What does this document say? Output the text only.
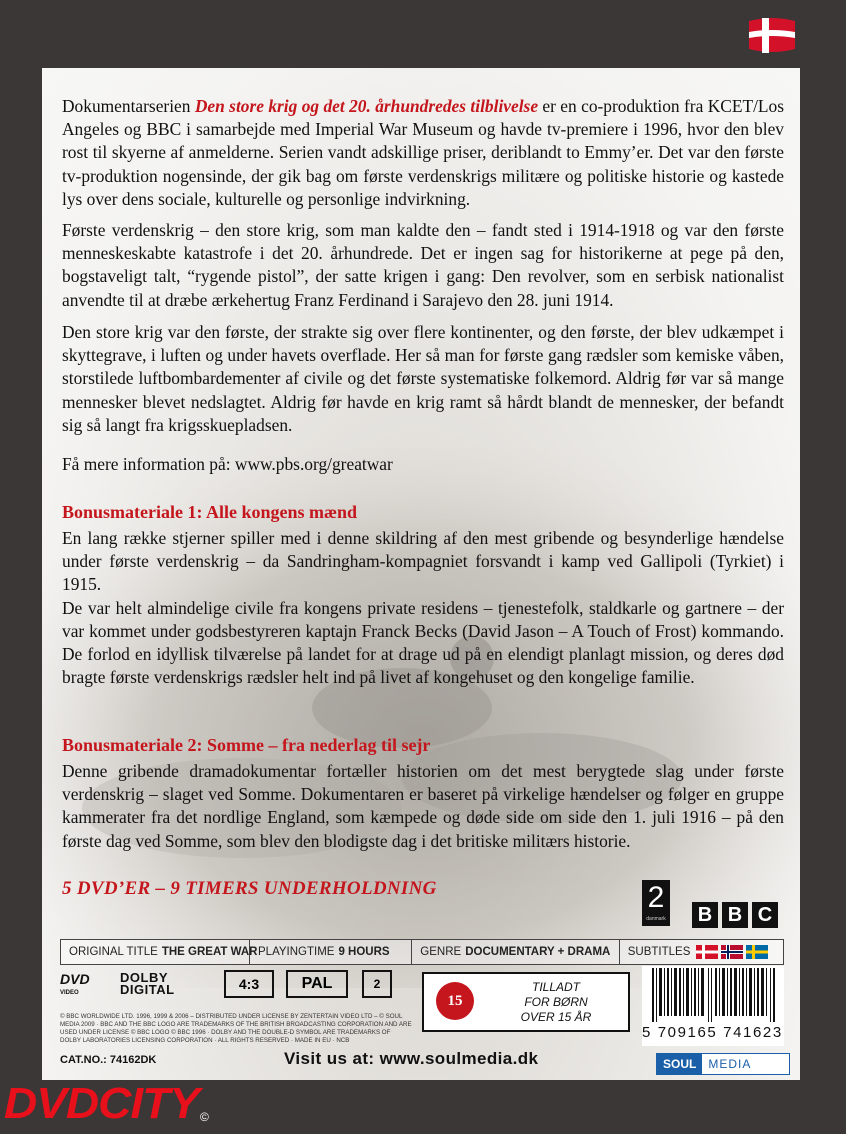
Dokumentarserien Den store krig og det 20. århundredes tilblivelse er en co-produktion fra KCET/Los Angeles og BBC i samarbejde med Imperial War Museum og havde tv-premiere i 1996, hvor den blev rost til skyerne af anmelderne. Serien vandt adskillige priser, deriblandt to Emmy’er. Det var den første tv-produktion nogensinde, der gik bag om første verdenskrigs militære og politiske historie og kastede lys over dens sociale, kulturelle og personlige indvirkning.
Første verdenskrig – den store krig, som man kaldte den – fandt sted i 1914-1918 og var den første menneskeskabte katastrofe i det 20. århundrede. Det er ingen sag for historikerne at pege på den, bogstaveligt talt, “rygende pistol”, der satte krigen i gang: Den revolver, som en serbisk nationalist anvendte til at dræbe ærkehertug Franz Ferdinand i Sarajevo den 28. juni 1914.
Den store krig var den første, der strakte sig over flere kontinenter, og den første, der blev udkæmpet i skyttegrave, i luften og under havets overflade. Her så man for første gang rædsler som kemiske våben, storstilede luftbombardementer af civile og det første systematiske folkemord. Aldrig før var så mange mennesker blevet nedslagtet. Aldrig før havde en krig ramt så hårdt blandt de mennesker, der befandt sig så langt fra krigsskuepladsen.
Få mere information på: www.pbs.org/greatwar
Bonusmateriale 1: Alle kongens mænd
En lang række stjerner spiller med i denne skildring af den mest gribende og besynderlige hændelse under første verdenskrig – da Sandringham-kompagniet forsvandt i kamp ved Gallipoli (Tyrkiet) i 1915.
De var helt almindelige civile fra kongens private residens – tjenestefolk, staldkarle og gartnere – der var kommet under godsbestyreren kaptajn Franck Becks (David Jason – A Touch of Frost) kommando. De forlod en idyllisk tilværelse på landet for at drage ud på en elendigt planlagt mission, og deres død bragte første verdenskrigs rædsler helt ind på livet af kongehuset og den kongelige familie.
Bonusmateriale 2: Somme – fra nederlag til sejr
Denne gribende dramadokumentar fortæller historien om det mest berygtede slag under første verdenskrig – slaget ved Somme. Dokumentaren er baseret på virkelige hændelser og følger en gruppe kammerater fra det nordlige England, som kæmpede og døde side om side den 1. juli 1916 – på den første dag ved Somme, som blev den blodigste dag i det britiske militærs historie.
5 DVD’ER – 9 TIMERS UNDERHOLDNING	2
danmark B B C
ORIGINAL TITLE THE GREAT WAR PLAYINGTIME 9 HOURS	GENRE DOCUMENTARY + DRAMA SUBTITLES
DVD
VIDEO
DOLBY
DIGITAL	4:3	PAL	2
15
TILLADT
FOR BØRN
OVER 15 ÅR
© BBC WORLDWIDE LTD. 1996, 1999 & 2006 – DISTRIBUTED UNDER LICENSE BY ZENTERTAIN VIDEO LTD – © SOUL MEDIA 2009 · BBC AND THE BBC LOGO ARE TRADEMARKS OF THE BRITISH BROADCASTING CORPORATION AND ARE USED UNDER LICENSE © BBC LOGO © BBC 1996 · DOLBY AND THE DOUBLE-D SYMBOL ARE TRADEMARKS OF DOLBY LABORATORIES LICENSING CORPORATION · ALL RIGHTS RESERVED · MADE IN EU · NCB	5 709165 741623
CAT.NO.: 74162DK	Visit us at: www.soulmedia.dk	SOUL	MEDIA
DVDCITY ©
